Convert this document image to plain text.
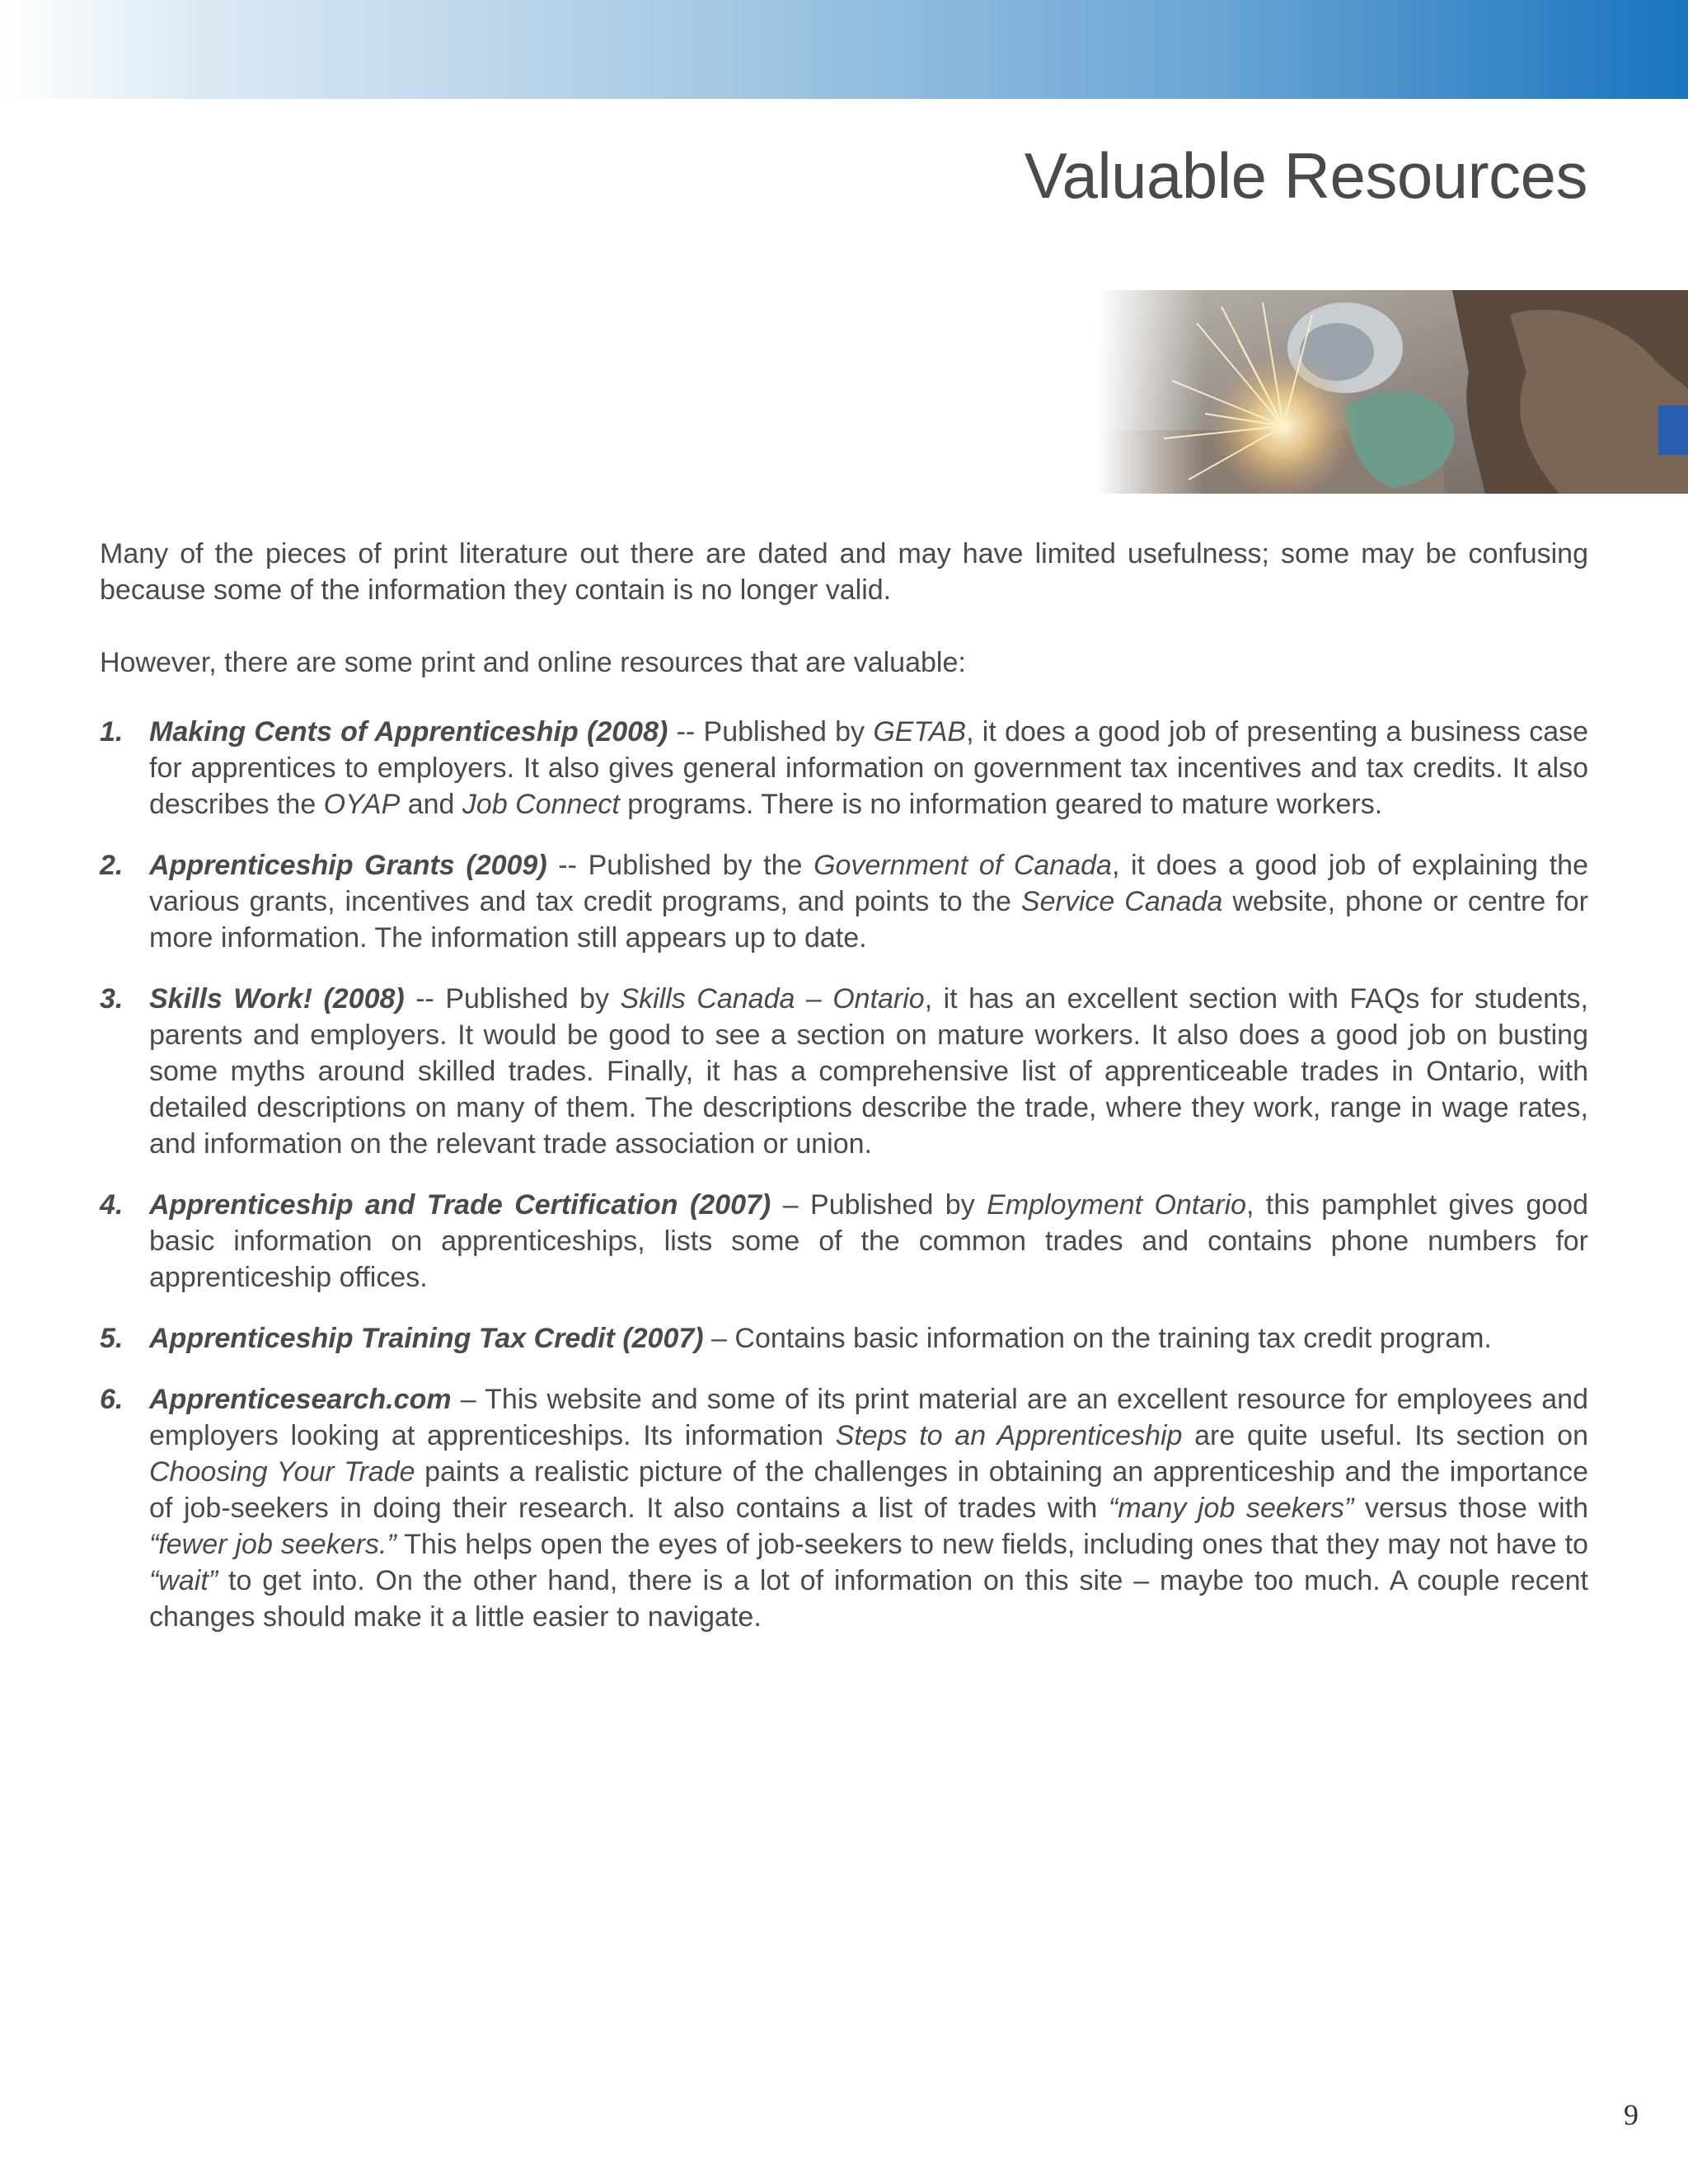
Valuable Resources

Many of the pieces of print literature out there are dated and may have limited usefulness; some may be confusing because some of the information they contain is no longer valid.

However, there are some print and online resources that are valuable:

1. Making Cents of Apprenticeship (2008) -- Published by GETAB, it does a good job of presenting a business case for apprentices to employers. It also gives general information on government tax incentives and tax credits. It also describes the OYAP and Job Connect programs. There is no information geared to mature workers.
2. Apprenticeship Grants (2009) -- Published by the Government of Canada, it does a good job of explaining the various grants, incentives and tax credit programs, and points to the Service Canada website, phone or centre for more information. The information still appears up to date.
3. Skills Work! (2008) -- Published by Skills Canada – Ontario, it has an excellent section with FAQs for students, parents and employers. It would be good to see a section on mature workers. It also does a good job on busting some myths around skilled trades. Finally, it has a comprehensive list of apprenticeable trades in Ontario, with detailed descriptions on many of them. The descriptions describe the trade, where they work, range in wage rates, and information on the relevant trade association or union.
4. Apprenticeship and Trade Certification (2007) – Published by Employment Ontario, this pamphlet gives good basic information on apprenticeships, lists some of the common trades and contains phone numbers for apprenticeship offices.
5. Apprenticeship Training Tax Credit (2007) – Contains basic information on the training tax credit program.
6. Apprenticesearch.com – This website and some of its print material are an excellent resource for employees and employers looking at apprenticeships. Its information Steps to an Apprenticeship are quite useful. Its section on Choosing Your Trade paints a realistic picture of the challenges in obtaining an apprenticeship and the importance of job-seekers in doing their research. It also contains a list of trades with “many job seekers” versus those with “fewer job seekers.” This helps open the eyes of job-seekers to new fields, including ones that they may not have to “wait” to get into. On the other hand, there is a lot of information on this site – maybe too much. A couple recent changes should make it a little easier to navigate.
9
